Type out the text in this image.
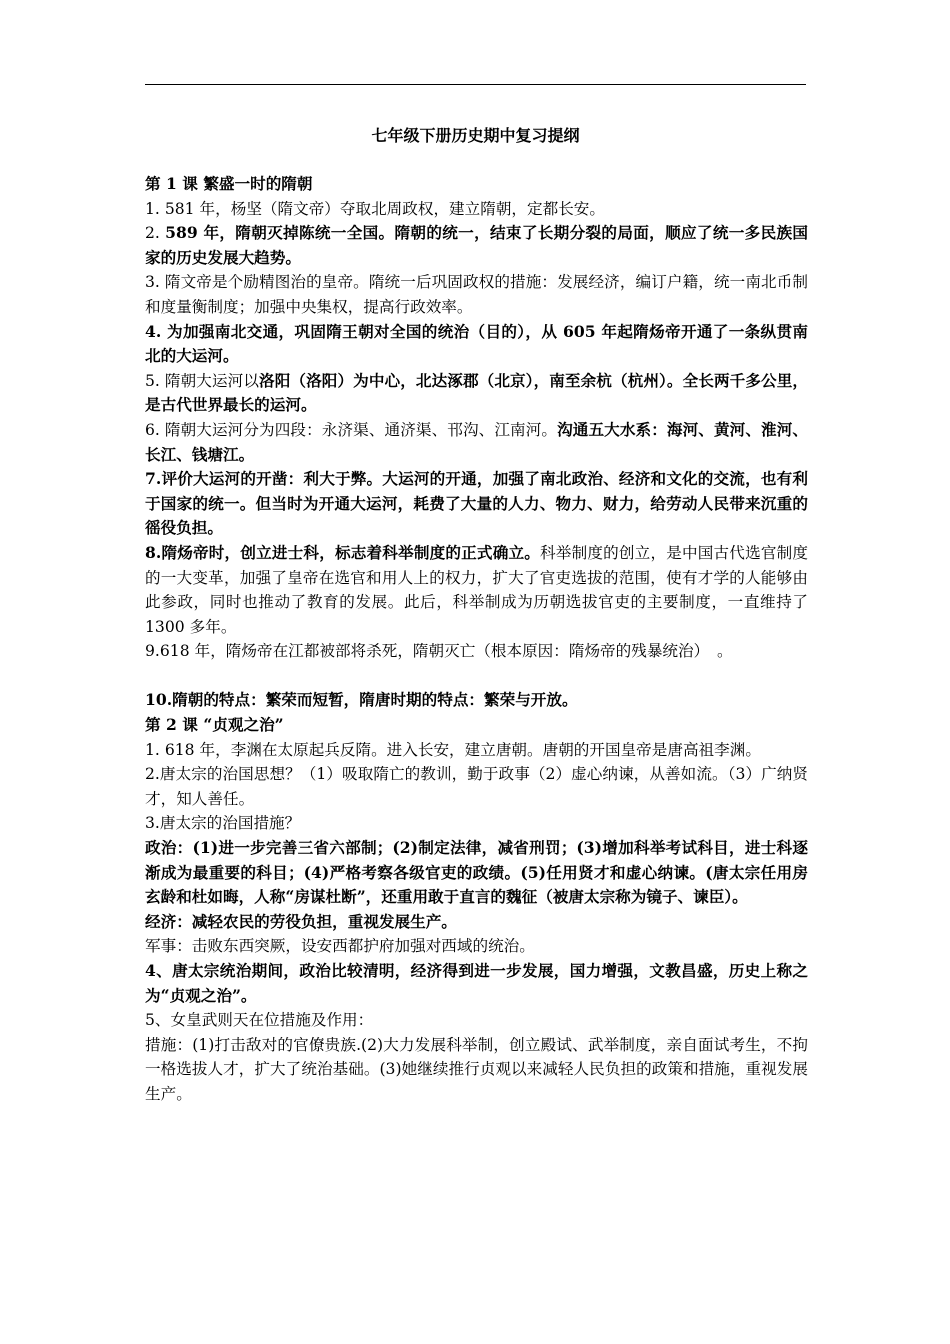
七年级下册历史期中复习提纲

第 1 课 繁盛一时的隋朝

1. 581 年，杨坚（隋文帝）夺取北周政权，建立隋朝，定都长安。

2. 589 年，隋朝灭掉陈统一全国。隋朝的统一，结束了长期分裂的局面，顺应了统一多民族国家的历史发展大趋势。

3. 隋文帝是个励精图治的皇帝。隋统一后巩固政权的措施：发展经济，编订户籍，统一南北币制和度量衡制度；加强中央集权，提高行政效率。

4. 为加强南北交通，巩固隋王朝对全国的统治（目的），从 605 年起隋炀帝开通了一条纵贯南北的大运河。

5. 隋朝大运河以洛阳（洛阳）为中心，北达涿郡（北京），南至余杭（杭州）。全长两千多公里，是古代世界最长的运河。

6. 隋朝大运河分为四段：永济渠、通济渠、邗沟、江南河。沟通五大水系：海河、黄河、淮河、长江、钱塘江。

7.评价大运河的开凿：利大于弊。大运河的开通，加强了南北政治、经济和文化的交流，也有利于国家的统一。但当时为开通大运河，耗费了大量的人力、物力、财力，给劳动人民带来沉重的徭役负担。

8.隋炀帝时，创立进士科，标志着科举制度的正式确立。科举制度的创立，是中国古代选官制度的一大变革，加强了皇帝在选官和用人上的权力，扩大了官吏选拔的范围，使有才学的人能够由此参政，同时也推动了教育的发展。此后，科举制成为历朝选拔官吏的主要制度，一直维持了 1300 多年。

9.618 年，隋炀帝在江都被部将杀死，隋朝灭亡（根本原因：隋炀帝的残暴统治）　。

10.隋朝的特点：繁荣而短暂，隋唐时期的特点：繁荣与开放。

第 2 课 “贞观之治”

1. 618 年，李渊在太原起兵反隋。进入长安，建立唐朝。唐朝的开国皇帝是唐高祖李渊。

2.唐太宗的治国思想？（1）吸取隋亡的教训，勤于政事（2）虚心纳谏，从善如流。（3）广纳贤才，知人善任。

3.唐太宗的治国措施？

政治：(1)进一步完善三省六部制；(2)制定法律，减省刑罚；(3)增加科举考试科目，进士科逐渐成为最重要的科目；(4)严格考察各级官吏的政绩。(5)任用贤才和虚心纳谏。(唐太宗任用房玄龄和杜如晦，人称“房谋杜断”，还重用敢于直言的魏征（被唐太宗称为镜子、谏臣）。

经济：减轻农民的劳役负担，重视发展生产。

军事：击败东西突厥，设安西都护府加强对西域的统治。

4、唐太宗统治期间，政治比较清明，经济得到进一步发展，国力增强，文教昌盛，历史上称之为“贞观之治”。

5、女皇武则天在位措施及作用：

措施：(1)打击敌对的官僚贵族.(2)大力发展科举制，创立殿试、武举制度，亲自面试考生，不拘一格选拔人才，扩大了统治基础。(3)她继续推行贞观以来减轻人民负担的政策和措施，重视发展生产。
